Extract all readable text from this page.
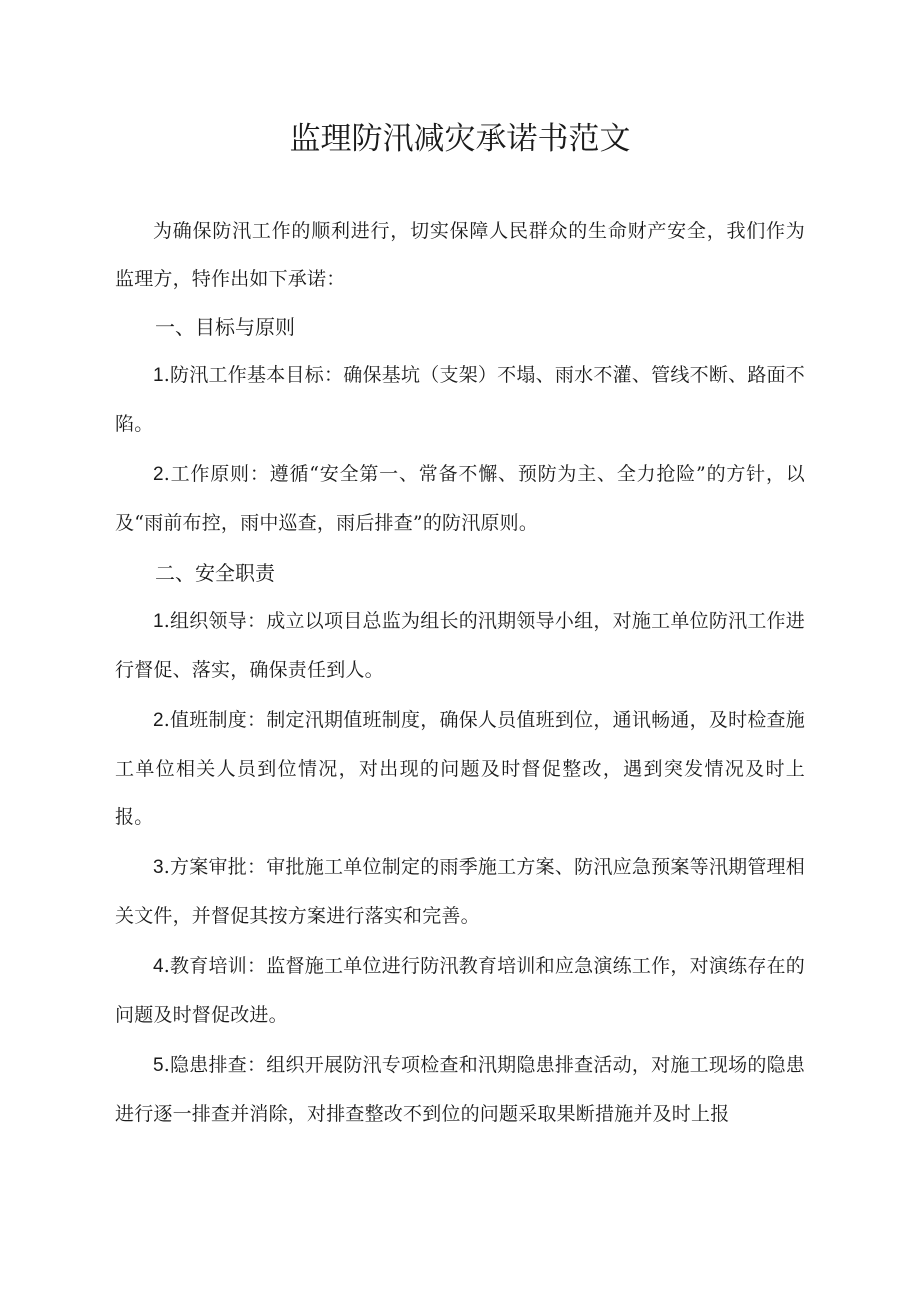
监理防汛减灾承诺书范文

为确保防汛工作的顺利进行，切实保障人民群众的生命财产安全，我们作为监理方，特作出如下承诺：

一、目标与原则

1.防汛工作基本目标：确保基坑（支架）不塌、雨水不灌、管线不断、路面不陷。

2.工作原则：遵循“安全第一、常备不懈、预防为主、全力抢险”的方针，以及“雨前布控，雨中巡查，雨后排查”的防汛原则。

二、安全职责

1.组织领导：成立以项目总监为组长的汛期领导小组，对施工单位防汛工作进行督促、落实，确保责任到人。

2.值班制度：制定汛期值班制度，确保人员值班到位，通讯畅通，及时检查施工单位相关人员到位情况，对出现的问题及时督促整改，遇到突发情况及时上报。

3.方案审批：审批施工单位制定的雨季施工方案、防汛应急预案等汛期管理相关文件，并督促其按方案进行落实和完善。

4.教育培训：监督施工单位进行防汛教育培训和应急演练工作，对演练存在的问题及时督促改进。

5.隐患排查：组织开展防汛专项检查和汛期隐患排查活动，对施工现场的隐患进行逐一排查并消除，对排查整改不到位的问题采取果断措施并及时上报
